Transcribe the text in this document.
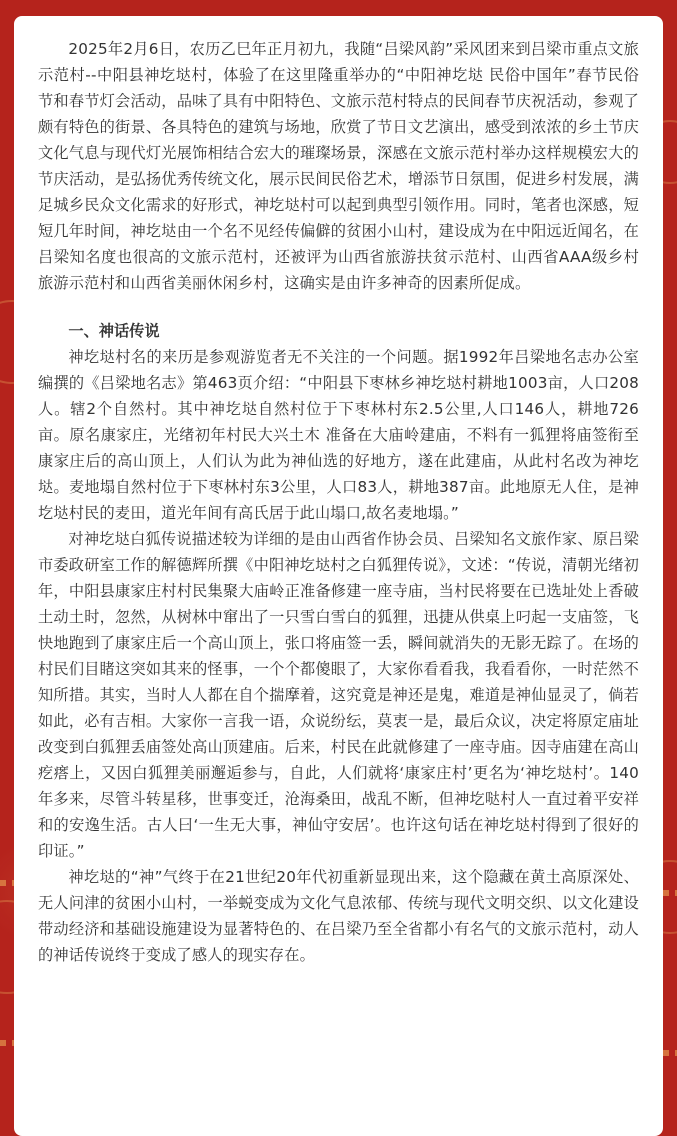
2025年2月6日，农历乙巳年正月初九，我随“吕梁风韵”采风团来到吕梁市重点文旅示范村--中阳县神圪垯村，体验了在这里隆重举办的“中阳神圪垯 民俗中国年”春节民俗节和春节灯会活动，品味了具有中阳特色、文旅示范村特点的民间春节庆祝活动，参观了颇有特色的街景、各具特色的建筑与场地，欣赏了节日文艺演出，感受到浓浓的乡土节庆文化气息与现代灯光展饰相结合宏大的璀璨场景，深感在文旅示范村举办这样规模宏大的节庆活动，是弘扬优秀传统文化，展示民间民俗艺术，增添节日氛围，促进乡村发展，满足城乡民众文化需求的好形式，神圪垯村可以起到典型引领作用。同时，笔者也深感，短短几年时间，神圪垯由一个名不见经传偏僻的贫困小山村，建设成为在中阳远近闻名，在吕梁知名度也很高的文旅示范村，还被评为山西省旅游扶贫示范村、山西省AAA级乡村旅游示范村和山西省美丽休闲乡村，这确实是由许多神奇的因素所促成。

一、神话传说

神圪垯村名的来历是参观游览者无不关注的一个问题。据1992年吕梁地名志办公室编撰的《吕梁地名志》第463页介绍：“中阳县下枣林乡神圪垯村耕地1003亩，人口208人。辖2个自然村。其中神圪垯自然村位于下枣林村东2.5公里,人口146人，耕地726亩。原名康家庄，光绪初年村民大兴土木 准备在大庙岭建庙，不料有一狐狸将庙签衔至康家庄后的高山顶上，人们认为此为神仙选的好地方，遂在此建庙，从此村名改为神圪垯。麦地塌自然村位于下枣林村东3公里，人口83人，耕地387亩。此地原无人住，是神圪垯村民的麦田，道光年间有高氏居于此山塌口,故名麦地塌。”

对神圪垯白狐传说描述较为详细的是由山西省作协会员、吕梁知名文旅作家、原吕梁市委政研室工作的解德辉所撰《中阳神圪垯村之白狐狸传说》，文述：“传说，清朝光绪初年，中阳县康家庄村村民集聚大庙岭正准备修建一座寺庙，当村民将要在已选址处上香破土动土时，忽然，从树林中窜出了一只雪白雪白的狐狸，迅捷从供桌上叼起一支庙签，飞快地跑到了康家庄后一个高山顶上，张口将庙签一丢，瞬间就消失的无影无踪了。在场的村民们目睹这突如其来的怪事，一个个都傻眼了，大家你看看我，我看看你，一时茫然不知所措。其实，当时人人都在自个揣摩着，这究竟是神还是鬼，难道是神仙显灵了，倘若如此，必有吉相。大家你一言我一语，众说纷纭，莫衷一是，最后众议，决定将原定庙址改变到白狐狸丢庙签处高山顶建庙。后来，村民在此就修建了一座寺庙。因寺庙建在高山疙瘩上，又因白狐狸美丽邂逅参与，自此，人们就将‘康家庄村’更名为‘神圪垯村’。140年多来，尽管斗转星移，世事变迁，沧海桑田，战乱不断，但神圪哒村人一直过着平安祥和的安逸生活。古人曰‘一生无大事，神仙守安居’。也许这句话在神圪垯村得到了很好的印证。”

神圪垯的“神”气终于在21世纪20年代初重新显现出来，这个隐藏在黄土高原深处、无人问津的贫困小山村，一举蜕变成为文化气息浓郁、传统与现代文明交织、以文化建设带动经济和基础设施建设为显著特色的、在吕梁乃至全省都小有名气的文旅示范村，动人的神话传说终于变成了感人的现实存在。
